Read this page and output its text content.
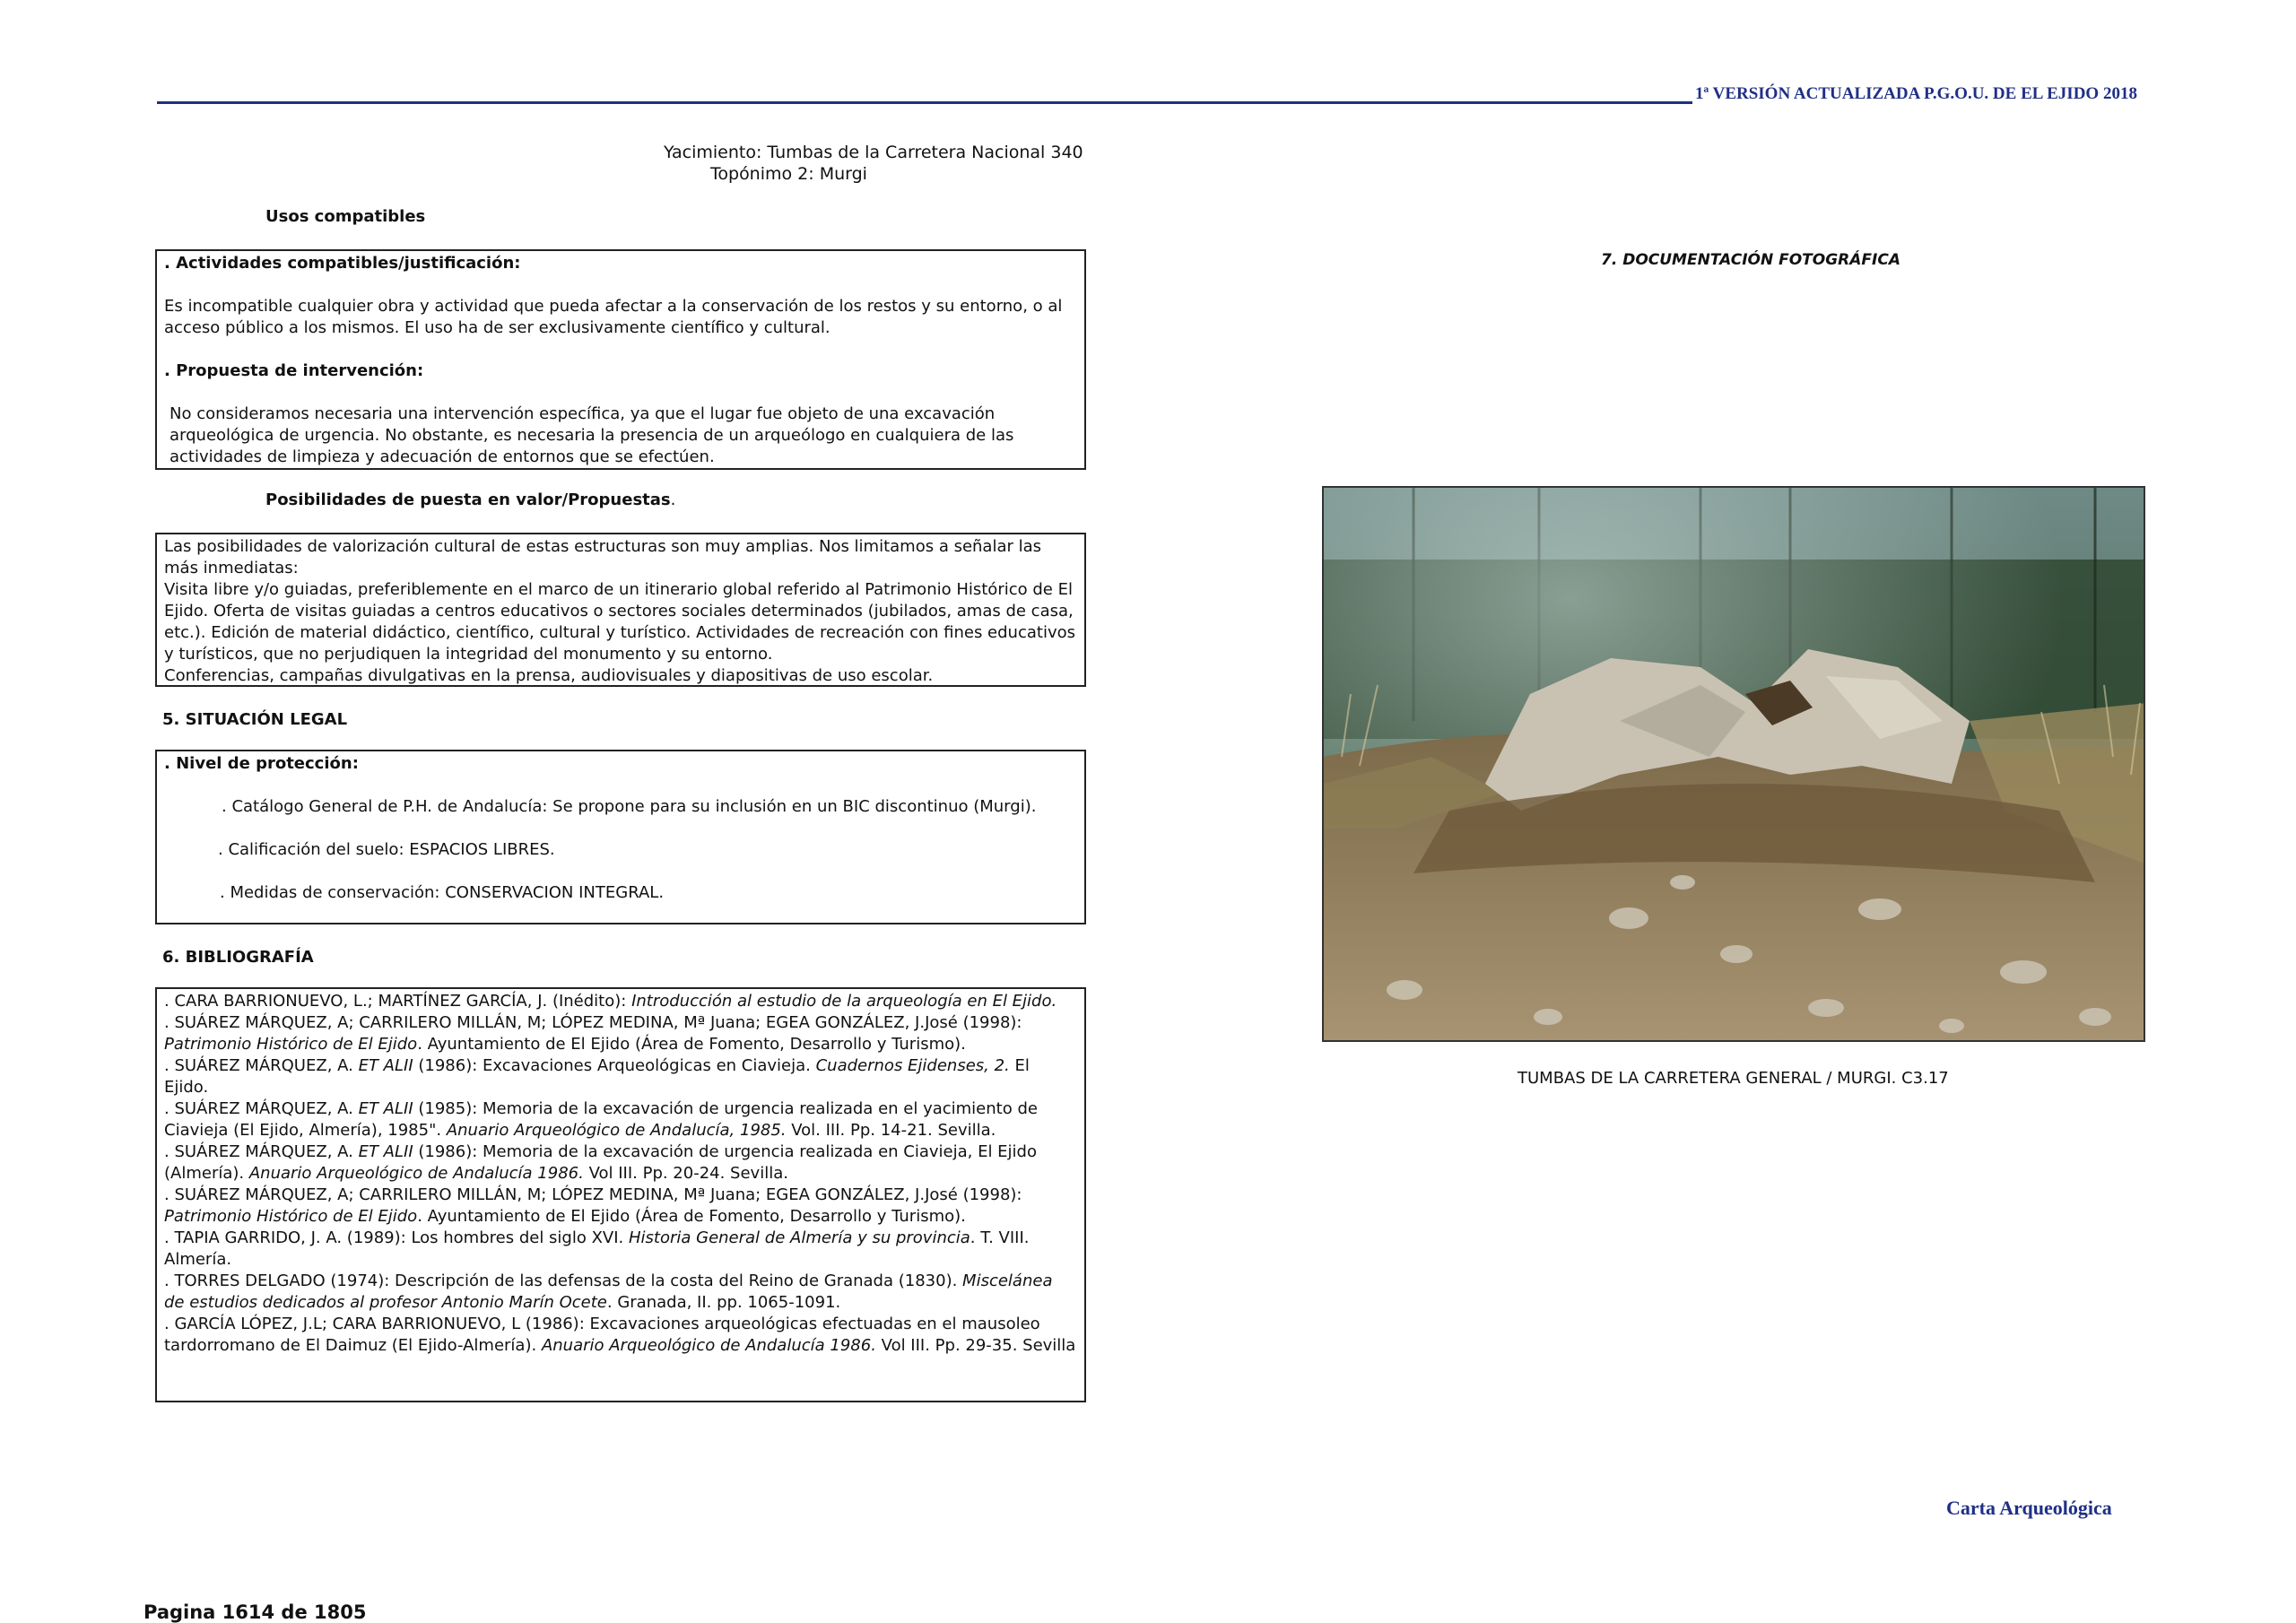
1ª VERSIÓN ACTUALIZADA P.G.O.U. DE EL EJIDO 2018
Yacimiento: Tumbas de la Carretera Nacional 340
Topónimo 2: Murgi
Usos compatibles

. Actividades compatibles/justificación:

Es incompatible cualquier obra y actividad que pueda afectar a la conservación de los restos y su entorno, o al acceso público a los mismos. El uso ha de ser exclusivamente científico y cultural.

. Propuesta de intervención:

No consideramos necesaria una intervención específica, ya que el lugar fue objeto de una excavación arqueológica de urgencia. No obstante, es necesaria la presencia de un arqueólogo en cualquiera de las actividades de limpieza y adecuación de entornos que se efectúen.

Posibilidades de puesta en valor/Propuestas.

Las posibilidades de valorización cultural de estas estructuras son muy amplias. Nos limitamos a señalar las más inmediatas:

Visita libre y/o guiadas, preferiblemente en el marco de un itinerario global referido al Patrimonio Histórico de El Ejido. Oferta de visitas guiadas a centros educativos o sectores sociales determinados (jubilados, amas de casa, etc.). Edición de material didáctico, científico, cultural y turístico. Actividades de recreación con fines educativos y turísticos, que no perjudiquen la integridad del monumento y su entorno.

Conferencias, campañas divulgativas en la prensa, audiovisuales y diapositivas de uso escolar.

5. SITUACIÓN LEGAL

. Nivel de protección:

. Catálogo General de P.H. de Andalucía: Se propone para su inclusión en un BIC discontinuo (Murgi).

. Calificación del suelo: ESPACIOS LIBRES.

. Medidas de conservación: CONSERVACION INTEGRAL.

6. BIBLIOGRAFÍA

. CARA BARRIONUEVO, L.; MARTÍNEZ GARCÍA, J. (Inédito): Introducción al estudio de la arqueología en El Ejido.

. SUÁREZ MÁRQUEZ, A; CARRILERO MILLÁN, M; LÓPEZ MEDINA, Mª Juana; EGEA GONZÁLEZ, J.José (1998): Patrimonio Histórico de El Ejido. Ayuntamiento de El Ejido (Área de Fomento, Desarrollo y Turismo).

. SUÁREZ MÁRQUEZ, A. ET ALII (1986): Excavaciones Arqueológicas en Ciavieja. Cuadernos Ejidenses, 2. El Ejido.

. SUÁREZ MÁRQUEZ, A. ET ALII (1985): Memoria de la excavación de urgencia realizada en el yacimiento de Ciavieja (El Ejido, Almería), 1985". Anuario Arqueológico de Andalucía, 1985. Vol. III. Pp. 14-21. Sevilla.

. SUÁREZ MÁRQUEZ, A. ET ALII (1986): Memoria de la excavación de urgencia realizada en Ciavieja, El Ejido (Almería). Anuario Arqueológico de Andalucía 1986. Vol III. Pp. 20-24. Sevilla.

. SUÁREZ MÁRQUEZ, A; CARRILERO MILLÁN, M; LÓPEZ MEDINA, Mª Juana; EGEA GONZÁLEZ, J.José (1998): Patrimonio Histórico de El Ejido. Ayuntamiento de El Ejido (Área de Fomento, Desarrollo y Turismo).

. TAPIA GARRIDO, J. A. (1989): Los hombres del siglo XVI. Historia General de Almería y su provincia. T. VIII. Almería.

. TORRES DELGADO (1974): Descripción de las defensas de la costa del Reino de Granada (1830). Miscelánea de estudios dedicados al profesor Antonio Marín Ocete. Granada, II. pp. 1065-1091.

. GARCÍA LÓPEZ, J.L; CARA BARRIONUEVO, L (1986): Excavaciones arqueológicas efectuadas en el mausoleo tardorromano de El Daimuz (El Ejido-Almería). Anuario Arqueológico de Andalucía 1986. Vol III. Pp. 29-35. Sevilla

7. DOCUMENTACIÓN FOTOGRÁFICA
TUMBAS DE LA CARRETERA GENERAL / MURGI. C3.17
Carta Arqueológica
Pagina 1614 de 1805
